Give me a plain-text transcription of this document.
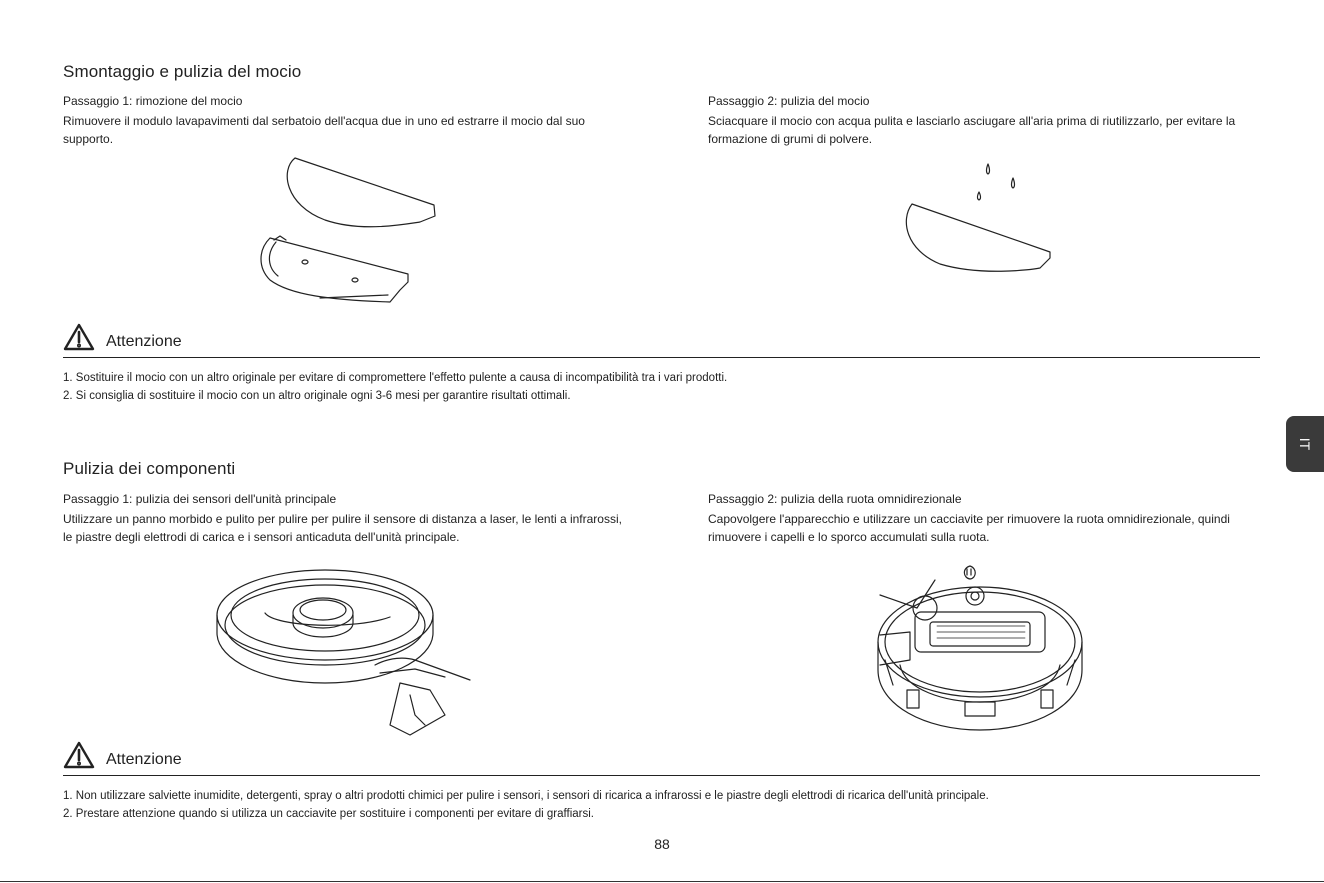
Smontaggio e pulizia del mocio
Passaggio 1: rimozione del mocio
Rimuovere il modulo lavapavimenti dal serbatoio dell'acqua due in uno ed estrarre il mocio dal suo supporto.
Passaggio 2: pulizia del mocio
Sciacquare il mocio con acqua pulita e lasciarlo asciugare all'aria prima di riutilizzarlo, per evitare la formazione di grumi di polvere.
Attenzione
1. Sostituire il mocio con un altro originale per evitare di compromettere l'effetto pulente a causa di incompatibilità tra i vari prodotti.
2. Si consiglia di sostituire il mocio con un altro originale ogni 3-6 mesi per garantire risultati ottimali.
Pulizia dei componenti
Passaggio 1: pulizia dei sensori dell'unità principale
Utilizzare un panno morbido e pulito per pulire per pulire il sensore di distanza a laser, le lenti a infrarossi, le piastre degli elettrodi di carica e i sensori anticaduta dell'unità principale.
Passaggio 2: pulizia della ruota omnidirezionale
Capovolgere l'apparecchio e utilizzare un cacciavite per rimuovere la ruota omnidirezionale, quindi rimuovere i capelli e lo sporco accumulati sulla ruota.
Attenzione
1. Non utilizzare salviette inumidite, detergenti, spray o altri prodotti chimici per pulire i sensori, i sensori di ricarica a infrarossi e le piastre degli elettrodi di ricarica dell'unità principale.
2. Prestare attenzione quando si utilizza un cacciavite per sostituire i componenti per evitare di graffiarsi.
IT
88
